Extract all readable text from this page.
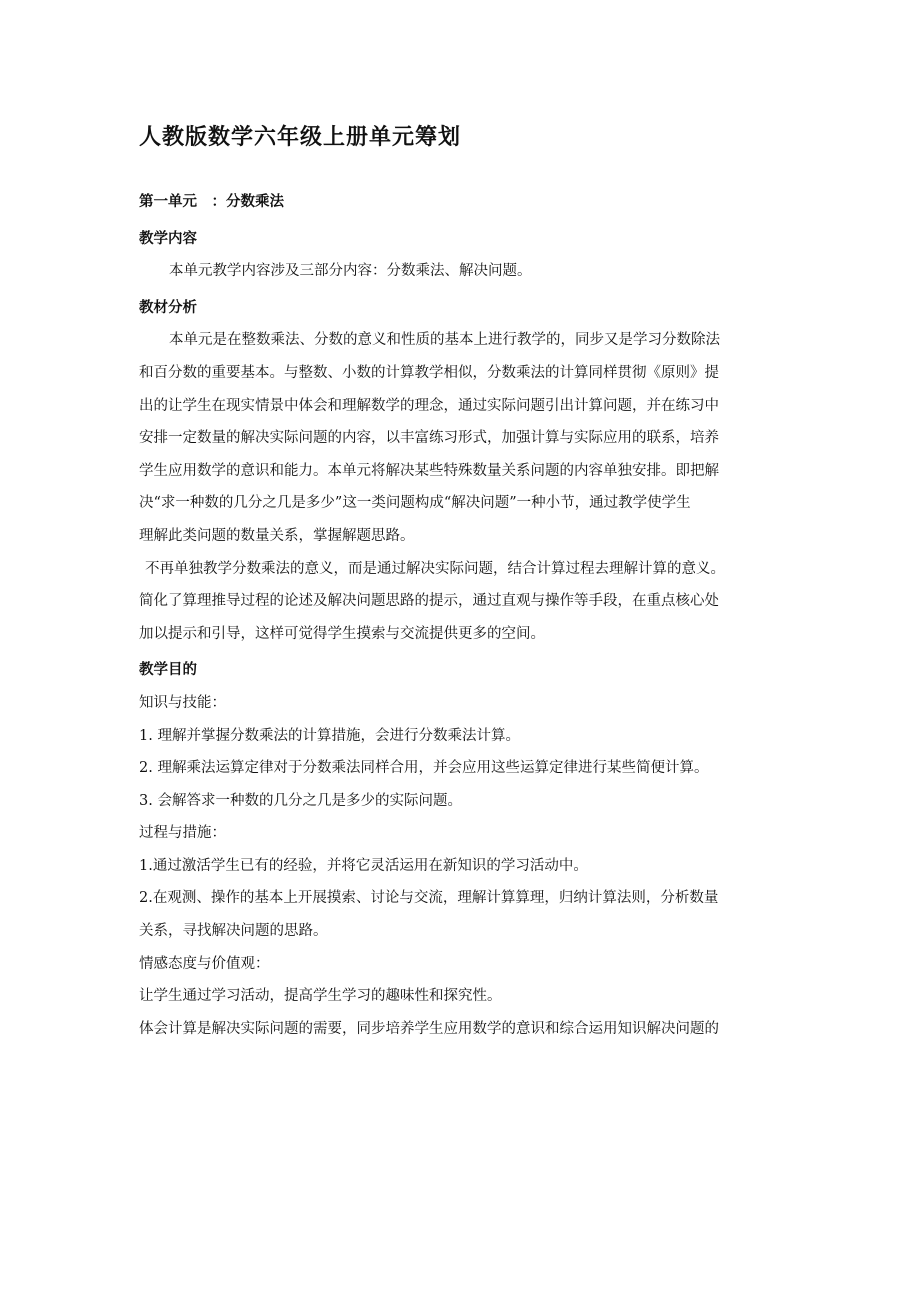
人教版数学六年级上册单元筹划

第一单元　：分数乘法

教学内容

本单元教学内容涉及三部分内容：分数乘法、解决问题。

教材分析

本单元是在整数乘法、分数的意义和性质的基本上进行教学的，同步又是学习分数除法

和百分数的重要基本。与整数、小数的计算教学相似，分数乘法的计算同样贯彻《原则》提

出的让学生在现实情景中体会和理解数学的理念，通过实际问题引出计算问题，并在练习中

安排一定数量的解决实际问题的内容，以丰富练习形式，加强计算与实际应用的联系，培养

学生应用数学的意识和能力。本单元将解决某些特殊数量关系问题的内容单独安排。即把解

决“求一种数的几分之几是多少”这一类问题构成“解决问题”一种小节，通过教学使学生

理解此类问题的数量关系，掌握解题思路。

不再单独教学分数乘法的意义，而是通过解决实际问题，结合计算过程去理解计算的意义。

简化了算理推导过程的论述及解决问题思路的提示，通过直观与操作等手段，在重点核心处

加以提示和引导，这样可觉得学生摸索与交流提供更多的空间。

教学目的

知识与技能：

1. 理解并掌握分数乘法的计算措施，会进行分数乘法计算。

2. 理解乘法运算定律对于分数乘法同样合用，并会应用这些运算定律进行某些简便计算。

3. 会解答求一种数的几分之几是多少的实际问题。

过程与措施：

1.通过激活学生已有的经验，并将它灵活运用在新知识的学习活动中。

2.在观测、操作的基本上开展摸索、讨论与交流，理解计算算理，归纳计算法则，分析数量

关系，寻找解决问题的思路。

情感态度与价值观：

让学生通过学习活动，提高学生学习的趣味性和探究性。

体会计算是解决实际问题的需要，同步培养学生应用数学的意识和综合运用知识解决问题的
